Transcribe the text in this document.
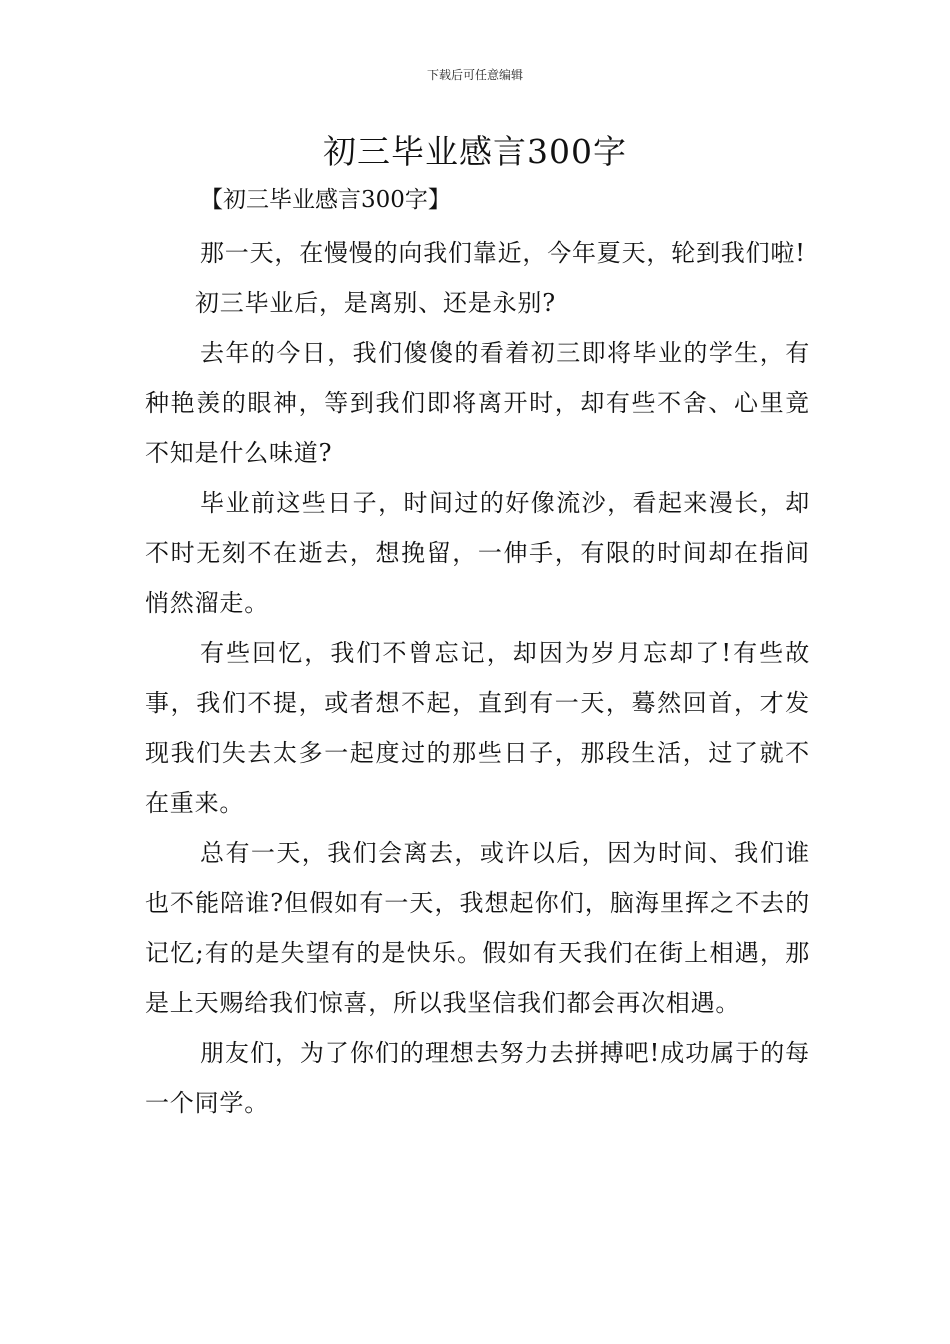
下载后可任意编辑
初三毕业感言300字

【初三毕业感言300字】

那一天，在慢慢的向我们靠近，今年夏天，轮到我们啦!

初三毕业后，是离别、还是永别?

去年的今日，我们傻傻的看着初三即将毕业的学生，有种艳羡的眼神，等到我们即将离开时，却有些不舍、心里竟不知是什么味道?

毕业前这些日子，时间过的好像流沙，看起来漫长，却不时无刻不在逝去，想挽留，一伸手，有限的时间却在指间悄然溜走。

有些回忆，我们不曾忘记，却因为岁月忘却了!有些故事，我们不提，或者想不起，直到有一天，蓦然回首，才发现我们失去太多一起度过的那些日子，那段生活，过了就不在重来。

总有一天，我们会离去，或许以后，因为时间、我们谁也不能陪谁?但假如有一天，我想起你们，脑海里挥之不去的记忆;有的是失望有的是快乐。假如有天我们在街上相遇，那是上天赐给我们惊喜，所以我坚信我们都会再次相遇。

朋友们，为了你们的理想去努力去拼搏吧!成功属于的每一个同学。
